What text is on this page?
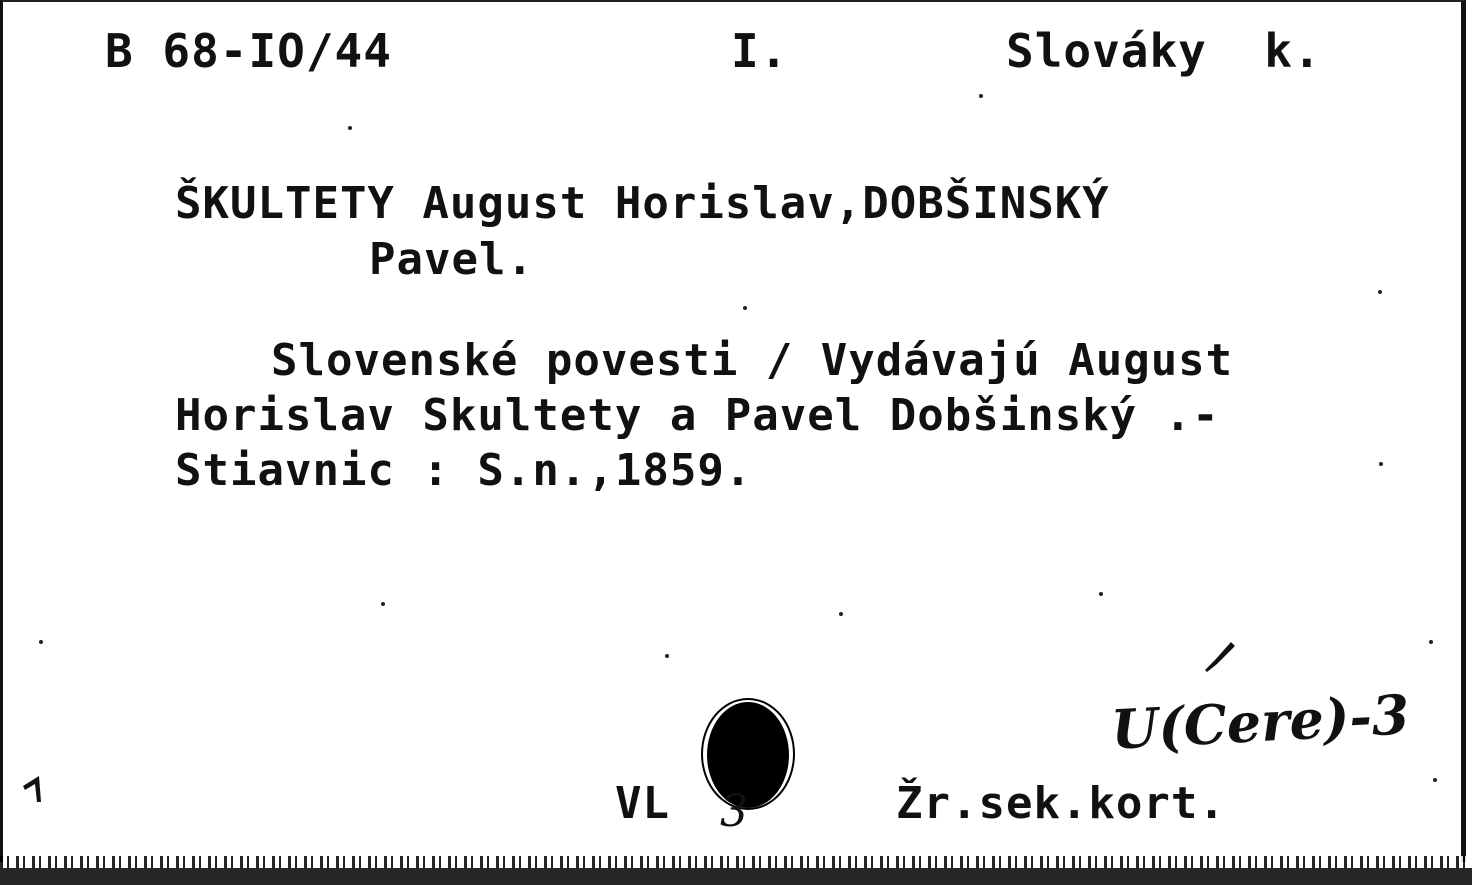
B 68-IO/44	I.	Slováky  k.
ŠKULTETY August Horislav,DOBŠINSKÝ
Pavel.
Slovenské povesti / Vydávajú August
Horislav Skultety a Pavel Dobšinský .-
Stiavnic : S.n.,1859.
VL 3	Žr.sek.kort.
U(Cere)-3
